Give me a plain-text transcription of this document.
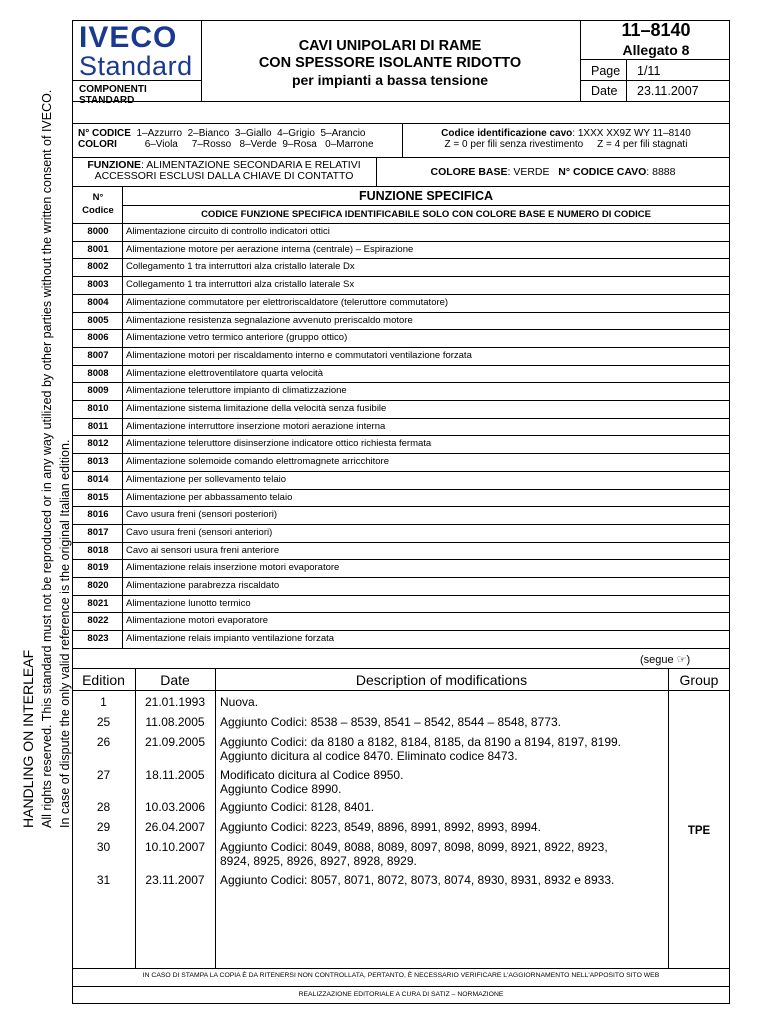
HANDLING ON INTERLEAF All rights reserved. This standard must not be reproduced or in any way utilized by other parties without the written consent of IVECO. In case of dispute the only valid reference is the original Italian edition.
IVECO
Standard
COMPONENTI STANDARD
CAVI UNIPOLARI DI RAME
CON SPESSORE ISOLANTE RIDOTTO
per impianti a bassa tensione
11–8140
Allegato 8
Page 1/11
Date 23.11.2007
N° CODICE 1–Azzurro  2–Bianco  3–Giallo  4–Grigio  5–Arancio
COLORI	6–Viola     7–Rosso   8–Verde  9–Rosa   0–Marrone
Codice identificazione cavo: 1XXX XX9Z WY 11–8140
Z = 0 per fili senza rivestimento     Z = 4 per fili stagnati
FUNZIONE: ALIMENTAZIONE SECONDARIA E RELATIVI
ACCESSORI ESCLUSI DALLA CHIAVE DI CONTATTO	COLORE BASE: VERDE N° CODICE CAVO: 8888
N°
Codice
FUNZIONE SPECIFICA
CODICE FUNZIONE SPECIFICA IDENTIFICABILE SOLO CON COLORE BASE E NUMERO DI CODICE
8000	Alimentazione circuito di controllo indicatori ottici
8001	Alimentazione motore per aerazione interna (centrale) – Espirazione
8002	Collegamento 1 tra interruttori alza cristallo laterale Dx
8003	Collegamento 1 tra interruttori alza cristallo laterale Sx
8004	Alimentazione commutatore per elettroriscaldatore (teleruttore commutatore)
8005	Alimentazione resistenza segnalazione avvenuto preriscaldo motore
8006	Alimentazione vetro termico anteriore (gruppo ottico)
8007	Alimentazione motori per riscaldamento interno e commutatori ventilazione forzata
8008	Alimentazione elettroventilatore quarta velocità
8009	Alimentazione teleruttore impianto di climatizzazione
8010	Alimentazione sistema limitazione della velocità senza fusibile
8011	Alimentazione interruttore inserzione motori aerazione interna
8012	Alimentazione teleruttore disinserzione indicatore ottico richiesta fermata
8013	Alimentazione solemoide comando elettromagnete arricchitore
8014	Alimentazione per sollevamento telaio
8015	Alimentazione per abbassamento telaio
8016	Cavo usura freni (sensori posteriori)
8017	Cavo usura freni (sensori anteriori)
8018	Cavo ai sensori usura freni anteriore
8019	Alimentazione relais inserzione motori evaporatore
8020	Alimentazione parabrezza riscaldato
8021	Alimentazione lunotto termico
8022	Alimentazione motori evaporatore
8023	Alimentazione relais impianto ventilazione forzata
(segue ☞)
Edition	Date	Description of modifications	Group
TPE
1	21.01.1993	Nuova.
25	11.08.2005	Aggiunto Codici: 8538 – 8539, 8541 – 8542, 8544 – 8548, 8773.
26	21.09.2005	Aggiunto Codici: da 8180 a 8182, 8184, 8185, da 8190 a 8194, 8197, 8199.
Aggiunto dicitura al codice 8470. Eliminato codice 8473.
27	18.11.2005	Modificato dicitura al Codice 8950.
Aggiunto Codice 8990.
28	10.03.2006	Aggiunto Codici: 8128, 8401.
29	26.04.2007	Aggiunto Codici: 8223, 8549, 8896, 8991, 8992, 8993, 8994.
30	10.10.2007	Aggiunto Codici: 8049, 8088, 8089, 8097, 8098, 8099, 8921, 8922, 8923,
8924, 8925, 8926, 8927, 8928, 8929.
31	23.11.2007	Aggiunto Codici: 8057, 8071, 8072, 8073, 8074, 8930, 8931, 8932 e 8933.
IN CASO DI STAMPA LA COPIA È DA RITENERSI NON CONTROLLATA, PERTANTO, È NECESSARIO VERIFICARE L'AGGIORNAMENTO NELL'APPOSITO SITO WEB
REALIZZAZIONE EDITORIALE A CURA DI SATIZ – NORMAZIONE
